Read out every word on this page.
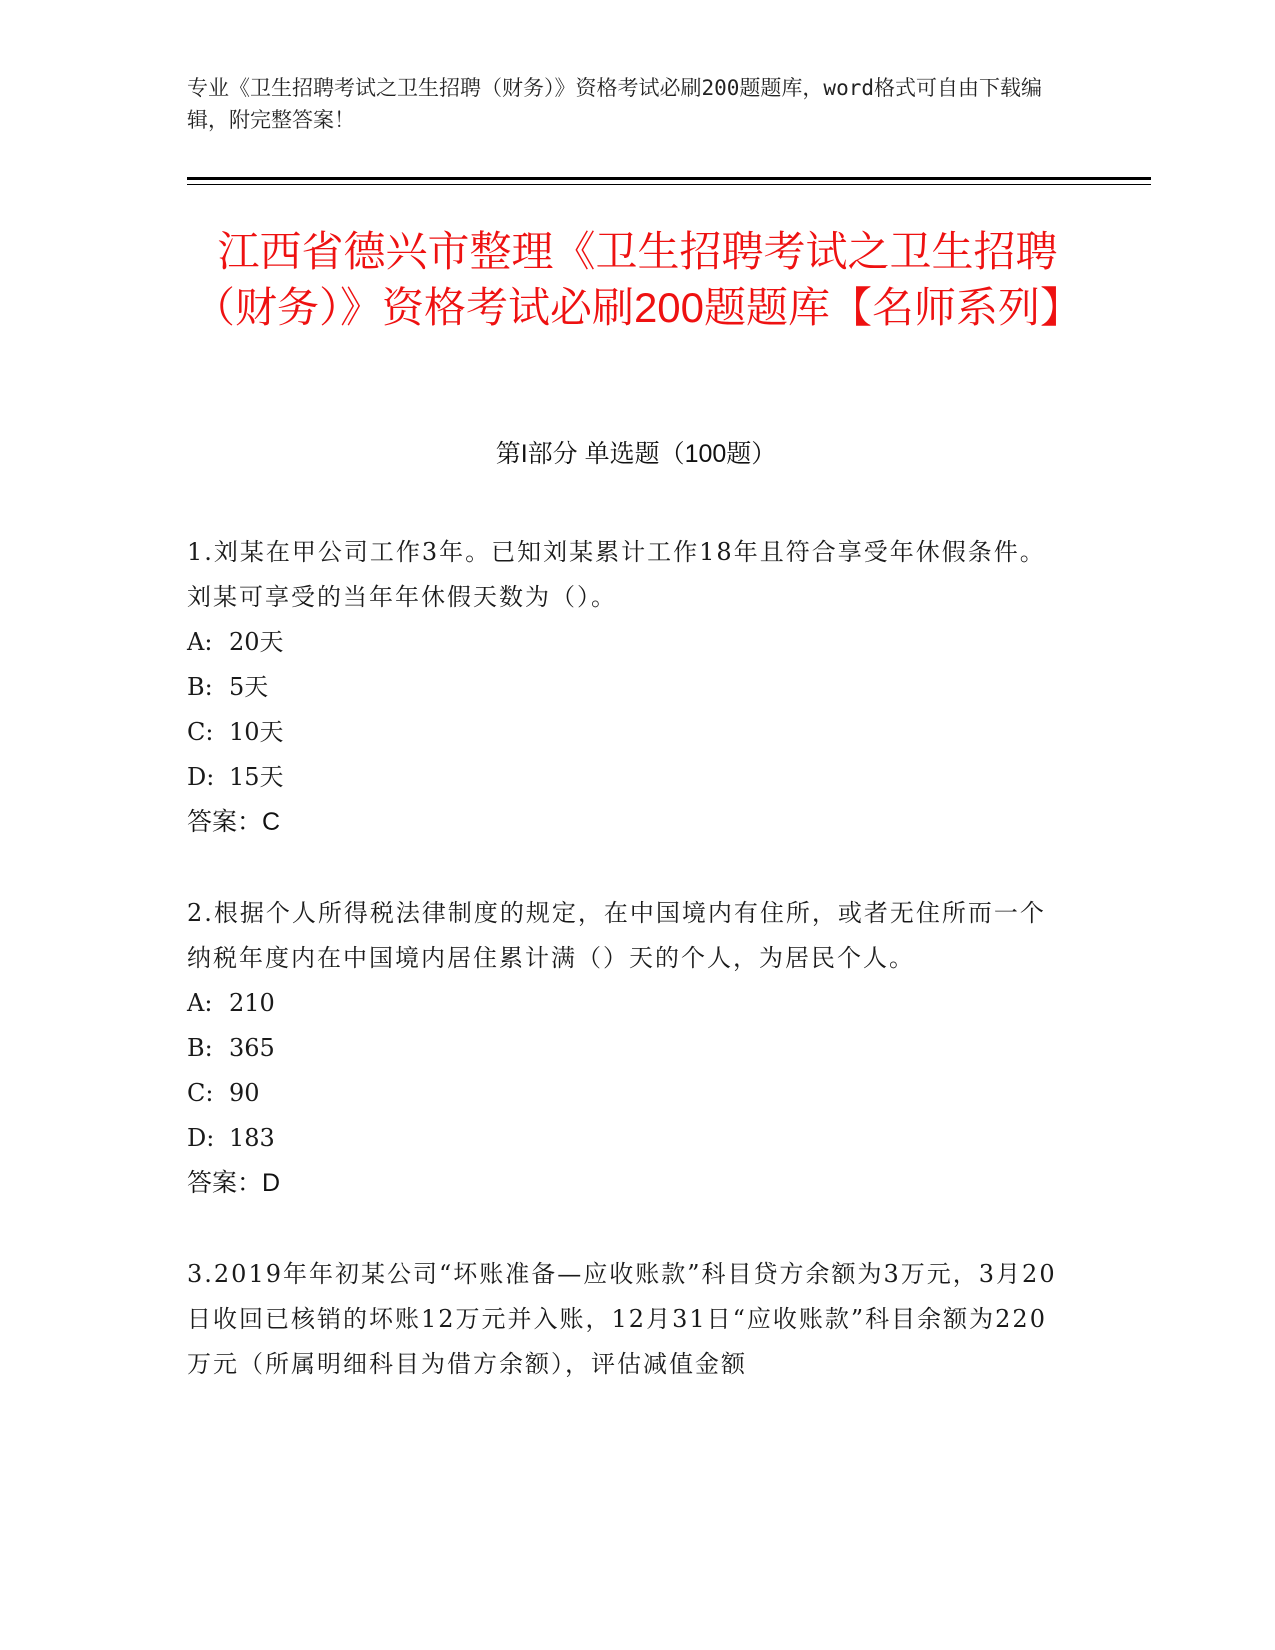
专业《卫生招聘考试之卫生招聘（财务）》资格考试必刷200题题库，word格式可自由下载编辑，附完整答案！
江西省德兴市整理《卫生招聘考试之卫生招聘（财务）》资格考试必刷200题题库【名师系列】
第I部分 单选题（100题）
1.刘某在甲公司工作3年。已知刘某累计工作18年且符合享受年休假条件。刘某可享受的当年年休假天数为（）。
A: 20天
B: 5天
C: 10天
D: 15天
答案： C
2.根据个人所得税法律制度的规定，在中国境内有住所，或者无住所而一个纳税年度内在中国境内居住累计满（）天的个人，为居民个人。
A: 210
B: 365
C: 90
D: 183
答案： D
3.2019年年初某公司“坏账准备—应收账款”科目贷方余额为3万元，3月20日收回已核销的坏账12万元并入账，12月31日“应收账款”科目余额为220万元（所属明细科目为借方余额），评估减值金额
